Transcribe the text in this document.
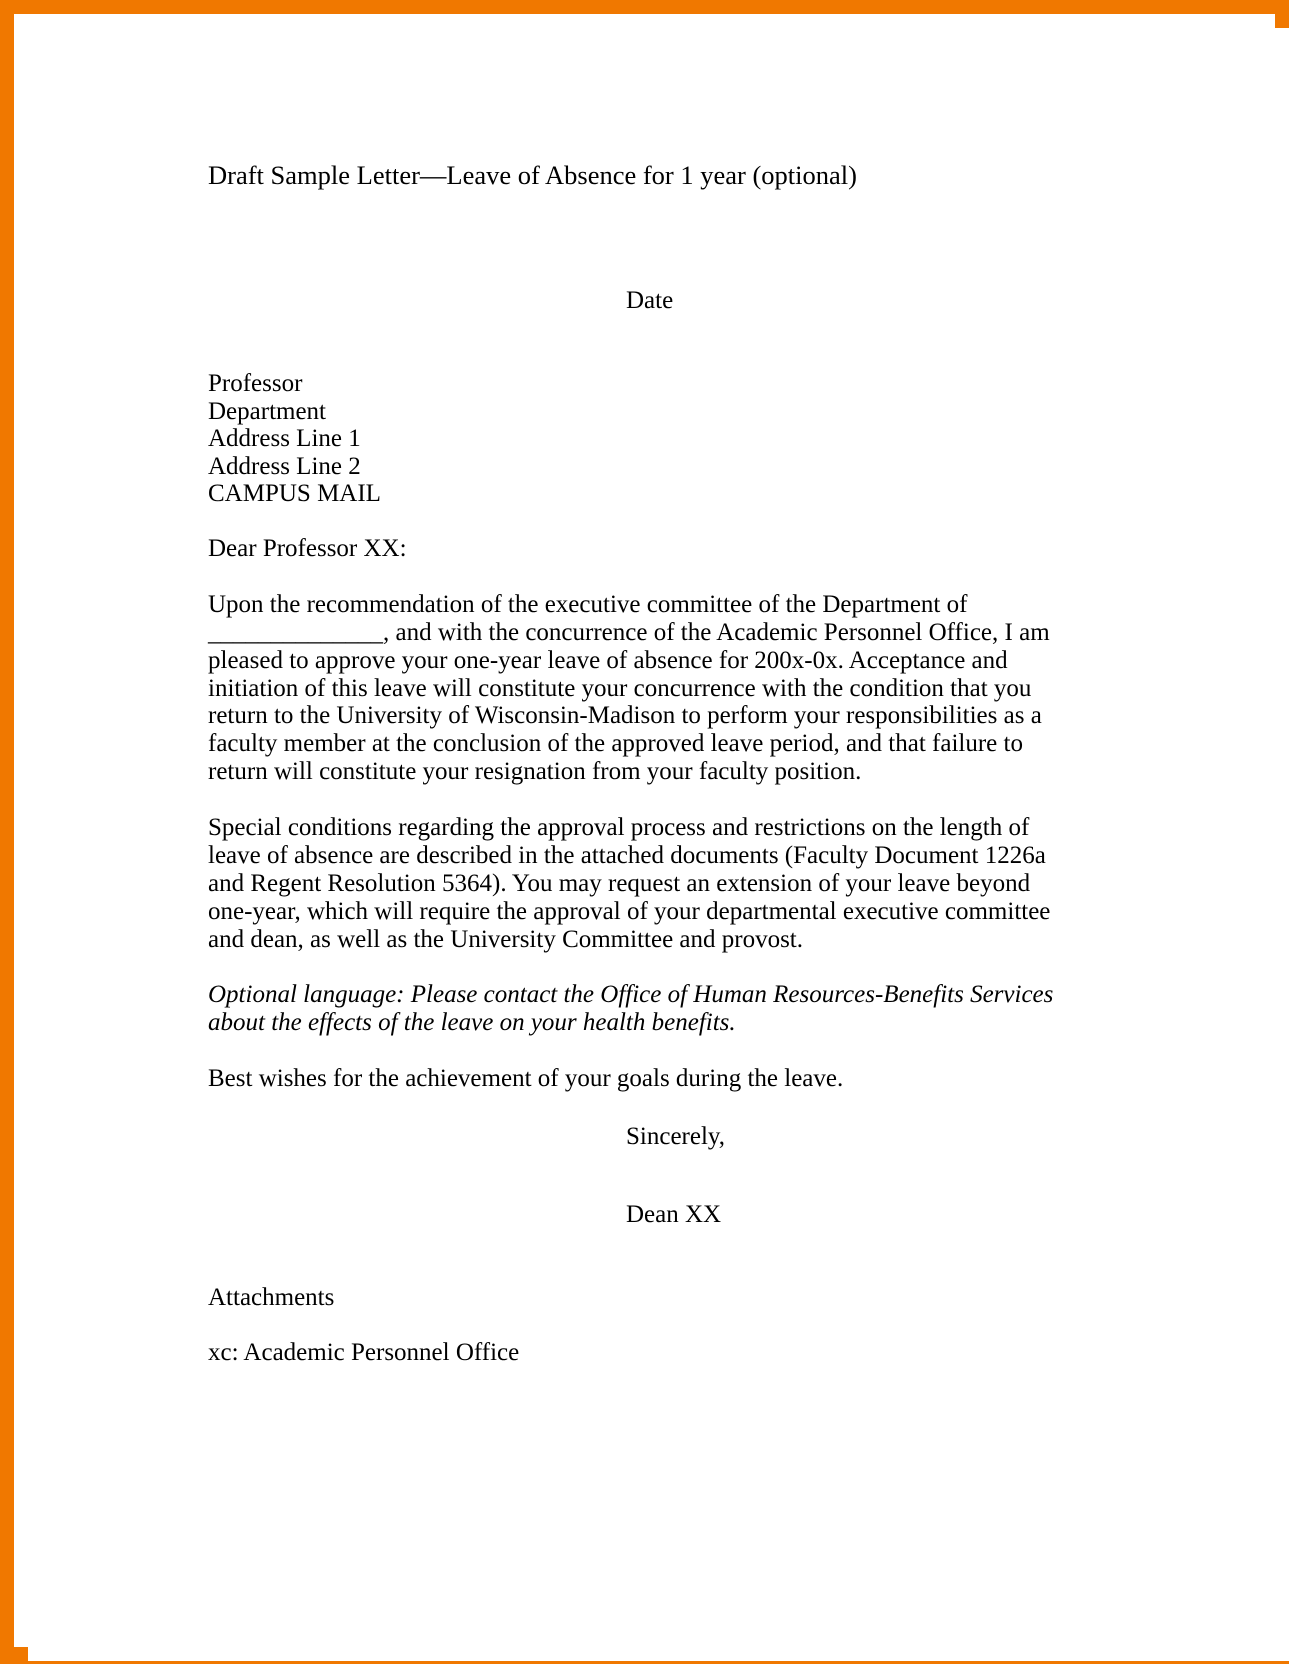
Draft Sample Letter—Leave of Absence for 1 year (optional)
Date
Professor
Department
Address Line 1
Address Line 2
CAMPUS MAIL
Dear Professor XX:
Upon the recommendation of the executive committee of the Department of ______________, and with the concurrence of the Academic Personnel Office, I am pleased to approve your one-year leave of absence for 200x-0x. Acceptance and initiation of this leave will constitute your concurrence with the condition that you return to the University of Wisconsin-Madison to perform your responsibilities as a faculty member at the conclusion of the approved leave period, and that failure to return will constitute your resignation from your faculty position.
Special conditions regarding the approval process and restrictions on the length of leave of absence are described in the attached documents (Faculty Document 1226a and Regent Resolution 5364). You may request an extension of your leave beyond one-year, which will require the approval of your departmental executive committee and dean, as well as the University Committee and provost.
Optional language: Please contact the Office of Human Resources-Benefits Services about the effects of the leave on your health benefits.
Best wishes for the achievement of your goals during the leave.
Sincerely,
Dean XX
Attachments
xc: Academic Personnel Office
